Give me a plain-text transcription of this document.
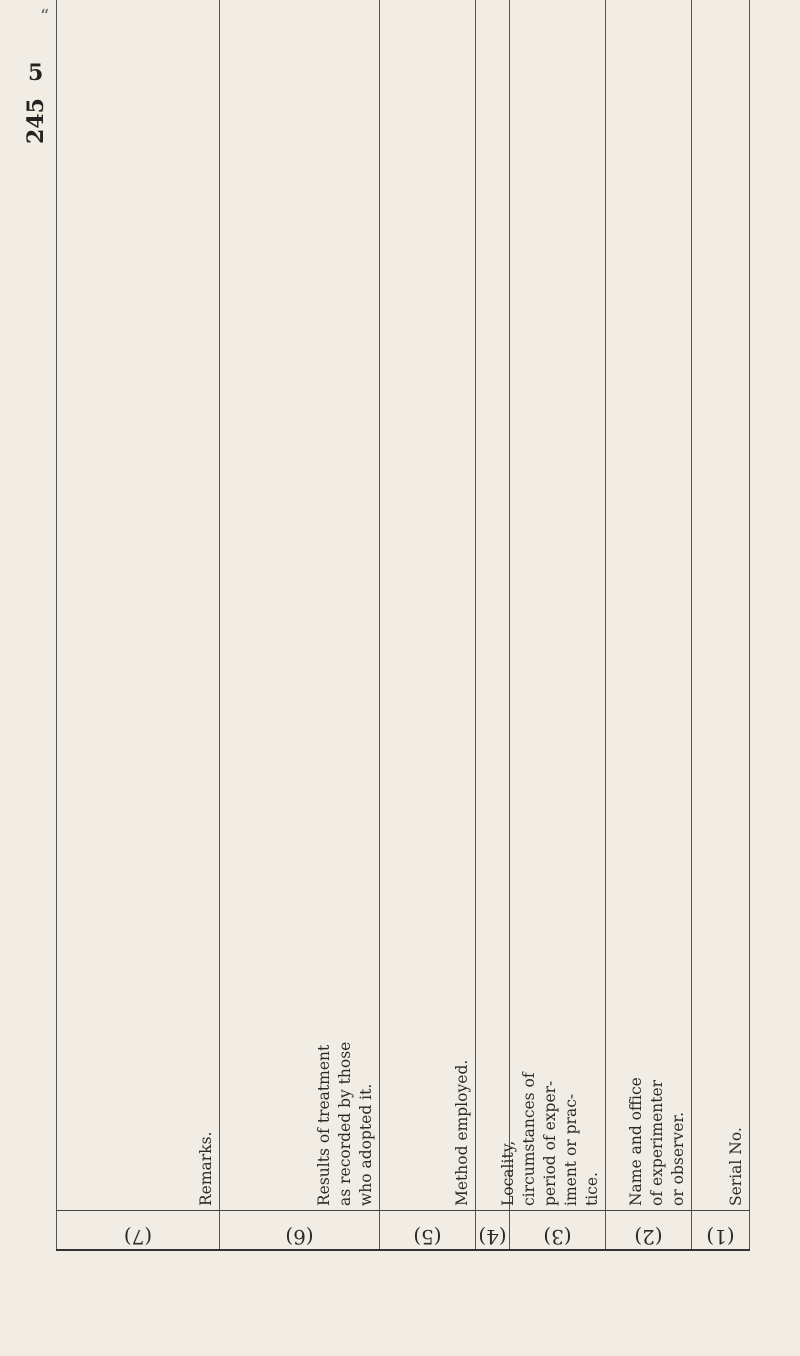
(1)	(2)	(3)	(4)	(5)	(6)	(7)

Serial No.	Name and office of experimenter or observer.	Locality, circumstances of period of exper- iment or prac- tice.		Method employed.	Results of treatment as recorded by those who adopted it.	Remarks.

“
245
5
